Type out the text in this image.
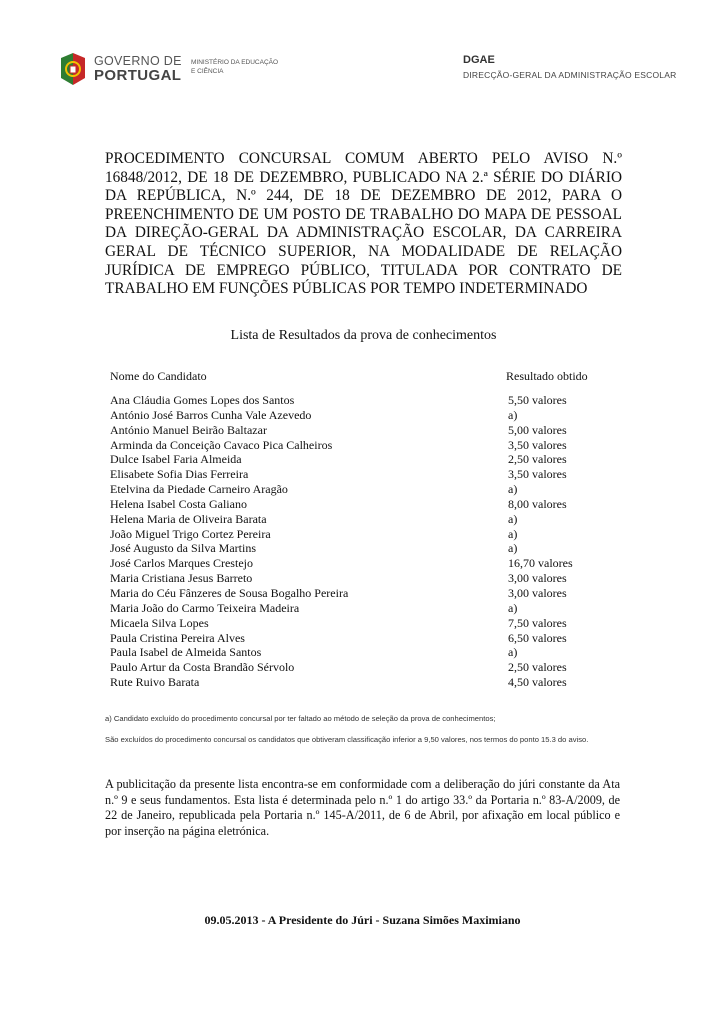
GOVERNO DE
PORTUGAL
MINISTÉRIO DA EDUCAÇÃO
E CIÊNCIA
DGAE
DIRECÇÃO-GERAL DA ADMINISTRAÇÃO ESCOLAR
PROCEDIMENTO CONCURSAL COMUM ABERTO PELO AVISO N.º 16848/2012, DE 18 DE DEZEMBRO, PUBLICADO NA 2.ª SÉRIE DO DIÁRIO DA REPÚBLICA, N.º 244, DE 18 DE DEZEMBRO DE 2012, PARA O PREENCHIMENTO DE UM POSTO DE TRABALHO DO MAPA DE PESSOAL DA DIREÇÃO-GERAL DA ADMINISTRAÇÃO ESCOLAR, DA CARREIRA GERAL DE TÉCNICO SUPERIOR, NA MODALIDADE DE RELAÇÃO JURÍDICA DE EMPREGO PÚBLICO, TITULADA POR CONTRATO DE TRABALHO EM FUNÇÕES PÚBLICAS POR TEMPO INDETERMINADO
Lista de Resultados da prova de conhecimentos
Nome do Candidato	Resultado obtido
Ana Cláudia Gomes Lopes dos Santos	5,50 valores
António José Barros Cunha Vale Azevedo	a)
António Manuel Beirão Baltazar	5,00 valores
Arminda da Conceição Cavaco Pica Calheiros	3,50 valores
Dulce Isabel Faria Almeida	2,50 valores
Elisabete Sofia Dias Ferreira	3,50 valores
Etelvina da Piedade Carneiro Aragão	a)
Helena Isabel Costa Galiano	8,00 valores
Helena Maria de Oliveira Barata	a)
João Miguel Trigo Cortez Pereira	a)
José Augusto da Silva Martins	a)
José Carlos Marques Crestejo	16,70 valores
Maria Cristiana Jesus Barreto	3,00 valores
Maria do Céu Fânzeres de Sousa Bogalho Pereira	3,00 valores
Maria João do Carmo Teixeira Madeira	a)
Micaela Silva Lopes	7,50 valores
Paula Cristina Pereira Alves	6,50 valores
Paula Isabel de Almeida Santos	a)
Paulo Artur da Costa Brandão Sérvolo	2,50 valores
Rute Ruivo Barata	4,50 valores
a) Candidato excluído do procedimento concursal por ter faltado ao método de seleção da prova de conhecimentos;
São excluídos do procedimento concursal os candidatos que obtiveram classificação inferior a 9,50 valores, nos termos do ponto 15.3 do aviso.
A publicitação da presente lista encontra-se em conformidade com a deliberação do júri constante da Ata n.º 9 e seus fundamentos. Esta lista é determinada pelo n.º 1 do artigo 33.º da Portaria n.º 83-A/2009, de 22 de Janeiro, republicada pela Portaria n.º 145-A/2011, de 6 de Abril, por afixação em local público e por inserção na página eletrónica.
09.05.2013 - A Presidente do Júri - Suzana Simões Maximiano
